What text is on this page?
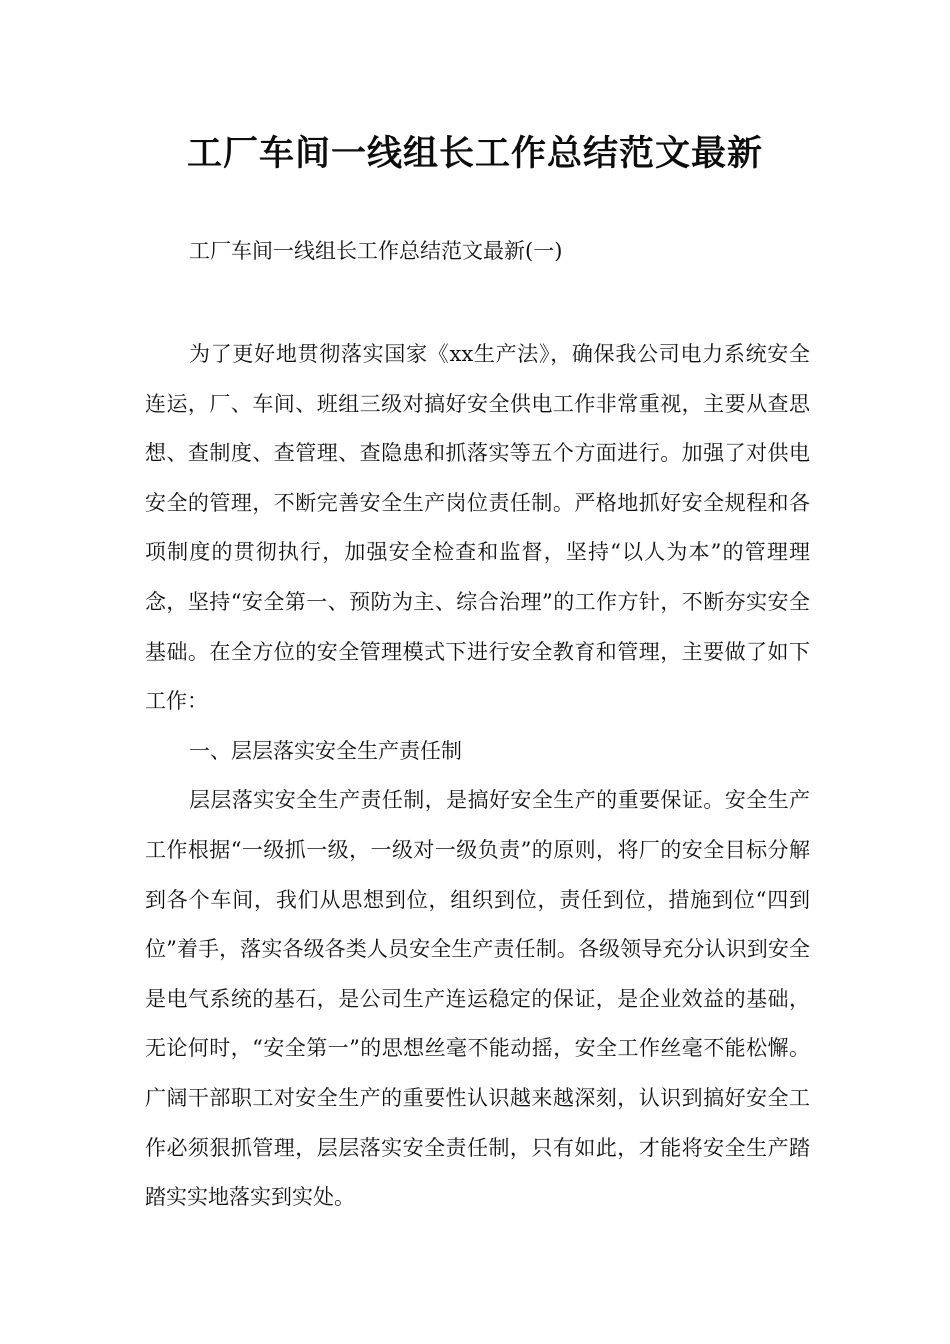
工厂车间一线组长工作总结范文最新
工厂车间一线组长工作总结范文最新(一)

为了更好地贯彻落实国家《xx生产法》，确保我公司电力系统安全连运，厂、车间、班组三级对搞好安全供电工作非常重视，主要从查思想、查制度、查管理、查隐患和抓落实等五个方面进行。加强了对供电安全的管理，不断完善安全生产岗位责任制。严格地抓好安全规程和各项制度的贯彻执行，加强安全检查和监督，坚持“以人为本”的管理理念，坚持“安全第一、预防为主、综合治理”的工作方针，不断夯实安全基础。在全方位的安全管理模式下进行安全教育和管理，主要做了如下工作：

一、层层落实安全生产责任制

层层落实安全生产责任制，是搞好安全生产的重要保证。安全生产工作根据“一级抓一级，一级对一级负责”的原则，将厂的安全目标分解到各个车间，我们从思想到位，组织到位，责任到位，措施到位“四到位”着手，落实各级各类人员安全生产责任制。各级领导充分认识到安全是电气系统的基石，是公司生产连运稳定的保证，是企业效益的基础，无论何时，“安全第一”的思想丝毫不能动摇，安全工作丝毫不能松懈。广阔干部职工对安全生产的重要性认识越来越深刻，认识到搞好安全工作必须狠抓管理，层层落实安全责任制，只有如此，才能将安全生产踏踏实实地落实到实处。
